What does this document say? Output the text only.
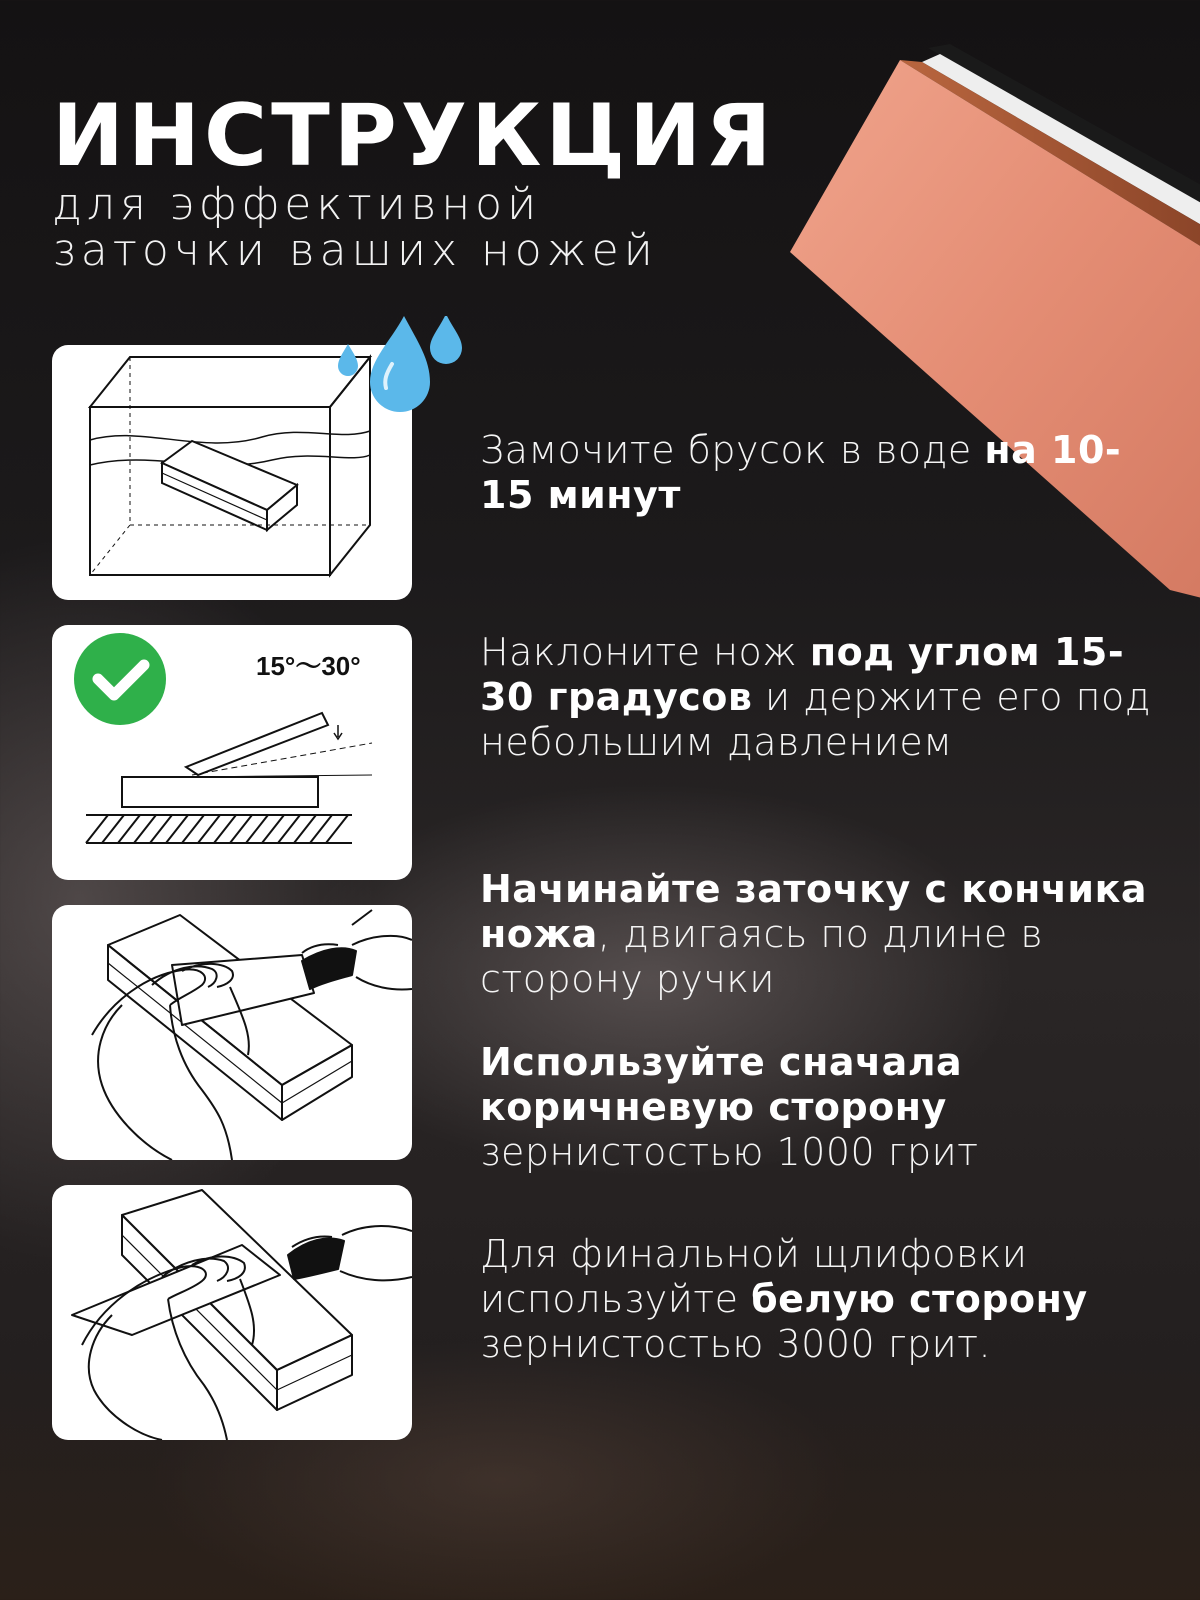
ИНСТРУКЦИЯ

для эффективной
заточки ваших ножей

15°～30°

Замочите брусок в воде на 10-15 минут

Наклоните нож под углом 15-30 градусов и держите его под небольшим давлением

Начинайте заточку с кончика ножа, двигаясь по длине в сторону ручки

Используйте сначала коричневую сторону зернистостью 1000 грит

Для финальной щлифовки используйте белую сторону зернистостью 3000 грит.
